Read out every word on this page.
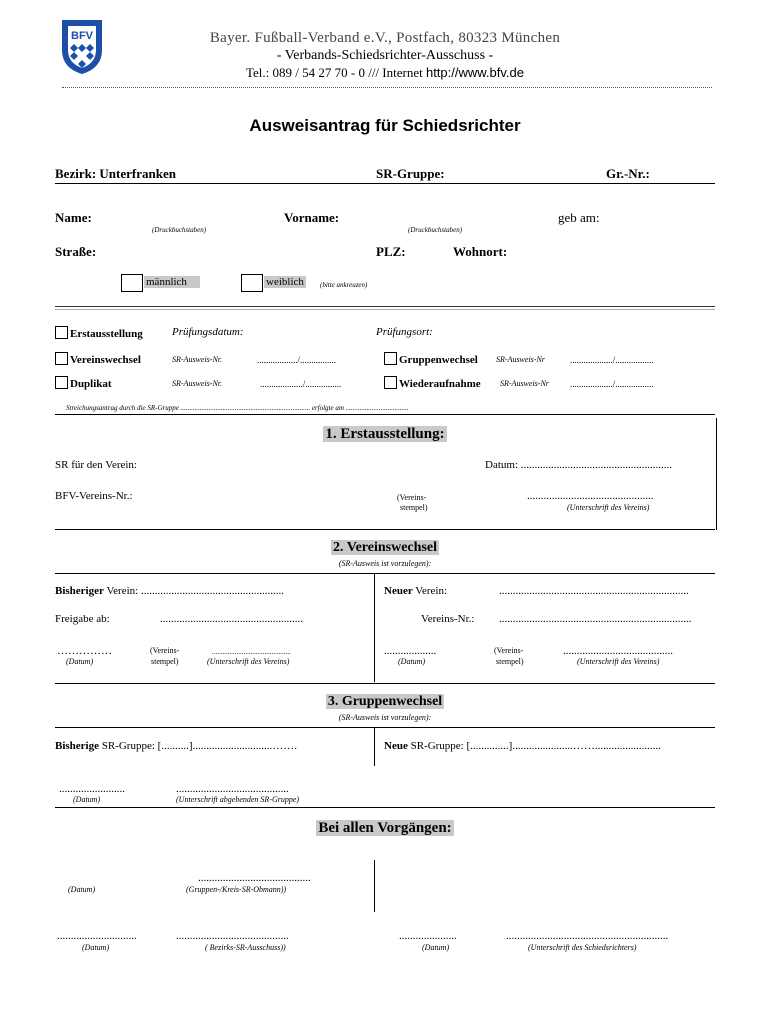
BFV	Bayer. Fußball-Verband e.V., Postfach, 80323 München
- Verbands-Schiedsrichter-Ausschuss -
Tel.: 089 / 54 27 70 - 0 /// Internet http://www.bfv.de
Ausweisantrag für Schiedsrichter
Bezirk: Unterfranken	SR-Gruppe:	Gr.-Nr.:
Name:
(Druckbuchstaben)
Vorname:
(Druckbuchstaben)
geb am:
Straße:	PLZ:	Wohnort:
männlich	weiblich (bitte ankreuzen)
Erstausstellung	Prüfungsdatum:	Prüfungsort:
Vereinswechsel	SR-Ausweis-Nr.	................../................	Gruppenwechsel SR-Ausweis-Nr	.................../.................
Duplikat	SR-Ausweis-Nr.	.................../................	Wiederaufnahme SR-Ausweis-Nr .................../.................
Streichungsantrag durch die SR-Gruppe .......................................................................... erfolgte am ....................................
1. Erstausstellung:
SR für den Verein:	Datum: .......................................................
BFV-Vereins-Nr.:	(Vereins-
stempel)
..............................................
(Unterschrift des Vereins)
2. Vereinswechsel
(SR-Ausweis ist vorzulegen):
Bisheriger Verein: ....................................................
Freigabe ab:	....................................................
Neuer Verein:	.....................................................................
Vereins-Nr.: ......................................................................
……………
(Datum)
(Vereins-
stempel)
.............................................
(Unterschrift des Vereins)
...................
(Datum)
(Vereins-
stempel)
........................................
(Unterschrift des Vereins)
3. Gruppenwechsel
(SR-Ausweis ist vorzulegen):
Bisherige SR-Gruppe: [..........].............................…….	Neue SR-Gruppe: [..............]......................……........................
........................
(Datum)
.........................................
(Unterschrift abgebenden SR-Gruppe)
Bei allen Vorgängen:
(Datum)
.........................................
(Gruppen-/Kreis-SR-Obmann))
.............................
(Datum)
.........................................
( Bezirks-SR-Ausschuss))
.....................
(Datum)
...........................................................
(Unterschrift des Schiedsrichters)
